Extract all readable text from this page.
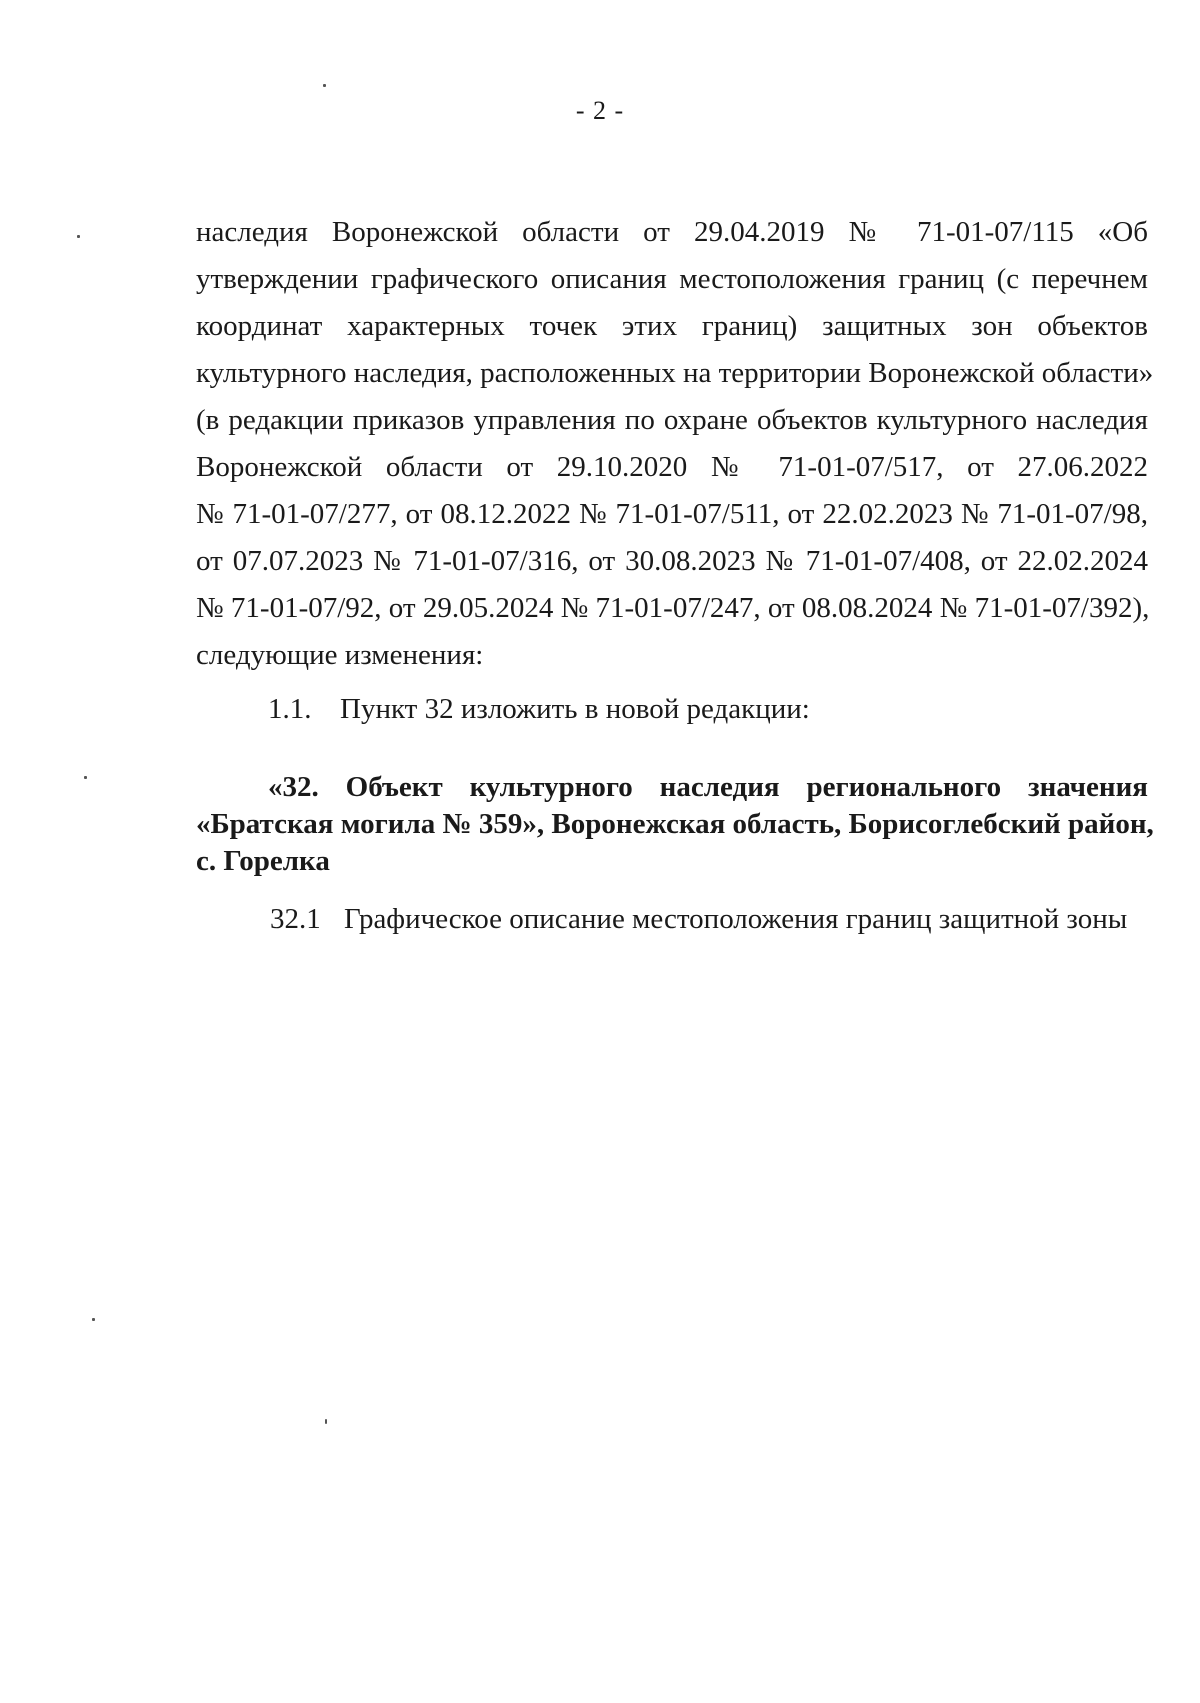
- 2 -
наследия Воронежской области от 29.04.2019 № 71-01-07/115 «Об
утверждении графического описания местоположения границ (с перечнем
координат характерных точек этих границ) защитных зон объектов
культурного наследия, расположенных на территории Воронежской области»
(в редакции приказов управления по охране объектов культурного наследия
Воронежской области от 29.10.2020 № 71-01-07/517, от 27.06.2022
№ 71-01-07/277, от 08.12.2022 № 71-01-07/511, от 22.02.2023 № 71-01-07/98,
от 07.07.2023 № 71-01-07/316, от 30.08.2023 № 71-01-07/408, от 22.02.2024
№ 71-01-07/92, от 29.05.2024 № 71-01-07/247, от 08.08.2024 № 71-01-07/392),
следующие изменения:
1.1. Пункт 32 изложить в новой редакции:
«32. Объект культурного наследия регионального значения
«Братская могила № 359», Воронежская область, Борисоглебский район,
с. Горелка
32.1 Графическое описание местоположения границ защитной зоны
